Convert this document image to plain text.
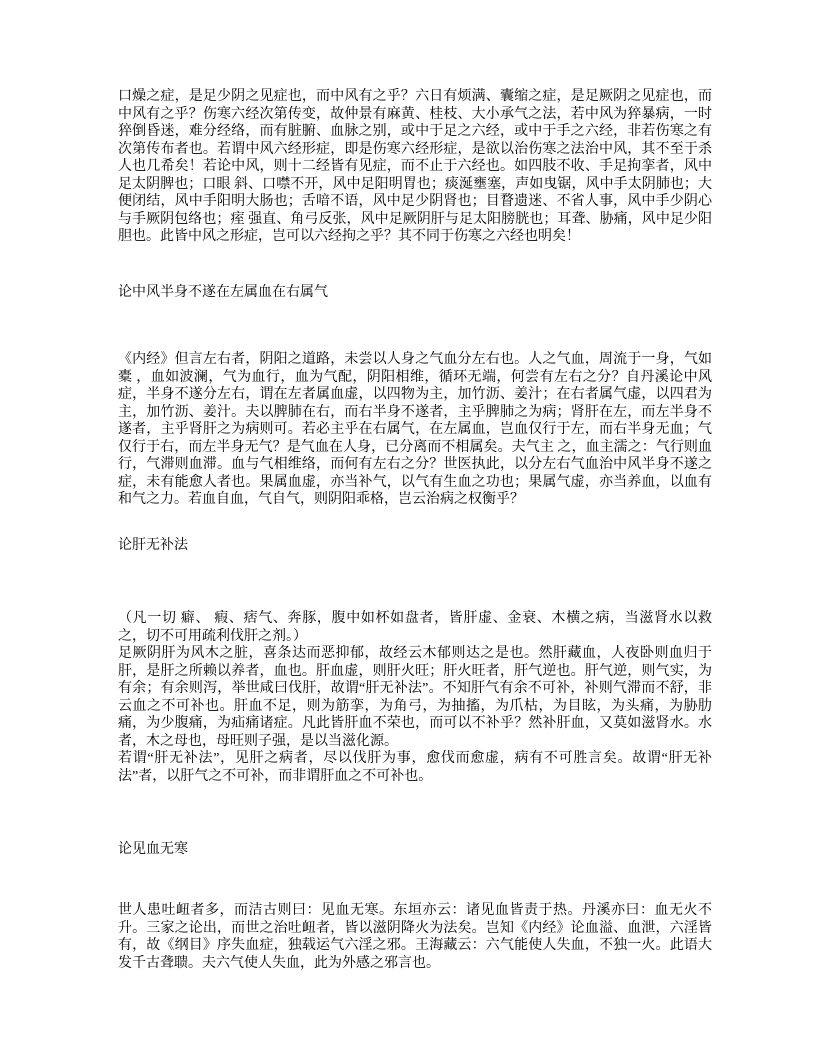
口燥之症，是足少阴之见症也，而中风有之乎？六日有烦满、囊缩之症，是足厥阴之见症也，而中风有之乎？伤寒六经次第传变，故仲景有麻黄、桂枝、大小承气之法，若中风为猝暴病，一时猝倒昏迷，难分经络，而有脏腑、血脉之别，或中于足之六经，或中于手之六经，非若伤寒之有次第传布者也。若谓中风六经形症，即是伤寒六经形症，是欲以治伤寒之法治中风，其不至于杀人也几希矣！若论中风，则十二经皆有见症，而不止于六经也。如四肢不收、手足拘挛者，风中足太阴脾也；口眼 斜、口噤不开，风中足阳明胃也；痰涎壅塞，声如曳锯，风中手太阴肺也；大便闭结，风中手阳明大肠也；舌喑不语，风中足少阴肾也；目瞀遗迷、不省人事，风中手少阴心与手厥阴包络也；痓 强直、角弓反张，风中足厥阴肝与足太阳膀胱也；耳聋、胁痛，风中足少阳胆也。此皆中风之形症，岂可以六经拘之乎？其不同于伤寒之六经也明矣！

论中风半身不遂在左属血在右属气

《内经》但言左右者，阴阳之道路，未尝以人身之气血分左右也。人之气血，周流于一身，气如橐 ，血如波澜，气为血行，血为气配，阴阳相维，循环无端，何尝有左右之分？自丹溪论中风症，半身不遂分左右，谓在左者属血虚，以四物为主，加竹沥、姜汁；在右者属气虚，以四君为主，加竹沥、姜汁。夫以脾肺在右，而右半身不遂者，主乎脾肺之为病；肾肝在左，而左半身不遂者，主乎肾肝之为病则可。若必主乎在右属气，在左属血，岂血仅行于左，而右半身无血；气仅行于右，而左半身无气？是气血在人身，已分离而不相属矣。夫气主 之，血主濡之：气行则血行，气滞则血滞。血与气相维络，而何有左右之分？世医执此，以分左右气血治中风半身不遂之症，未有能愈人者也。果属血虚，亦当补气，以气有生血之功也；果属气虚，亦当养血，以血有和气之力。若血自血，气自气，则阴阳乖格，岂云治病之权衡乎？

论肝无补法

（凡一切 癖、 瘕、痞气、奔豚，腹中如杯如盘者，皆肝虚、金衰、木横之病，当滋肾水以救之，切不可用疏利伐肝之剂。）

足厥阴肝为风木之脏，喜条达而恶抑郁，故经云木郁则达之是也。然肝藏血，人夜卧则血归于肝，是肝之所赖以养者，血也。肝血虚，则肝火旺；肝火旺者，肝气逆也。肝气逆，则气实，为有余；有余则泻，举世咸曰伐肝，故谓“肝无补法”。不知肝气有余不可补，补则气滞而不舒，非云血之不可补也。肝血不足，则为筋挛，为角弓，为抽搐，为爪枯，为目眩，为头痛，为胁肋痛，为少腹痛，为疝痛诸症。凡此皆肝血不荣也，而可以不补乎？然补肝血，又莫如滋肾水。水者，木之母也，母旺则子强，是以当滋化源。

若谓“肝无补法”，见肝之病者，尽以伐肝为事，愈伐而愈虚，病有不可胜言矣。故谓“肝无补法”者，以肝气之不可补，而非谓肝血之不可补也。

论见血无寒

世人患吐衄者多，而洁古则曰：见血无寒。东垣亦云：诸见血皆责于热。丹溪亦曰：血无火不升。三家之论出，而世之治吐衄者，皆以滋阴降火为法矣。岂知《内经》论血溢、血泄，六淫皆有，故《纲目》序失血症，独载运气六淫之邪。王海藏云：六气能使人失血，不独一火。此语大发千古聋聩。夫六气使人失血，此为外感之邪言也。
